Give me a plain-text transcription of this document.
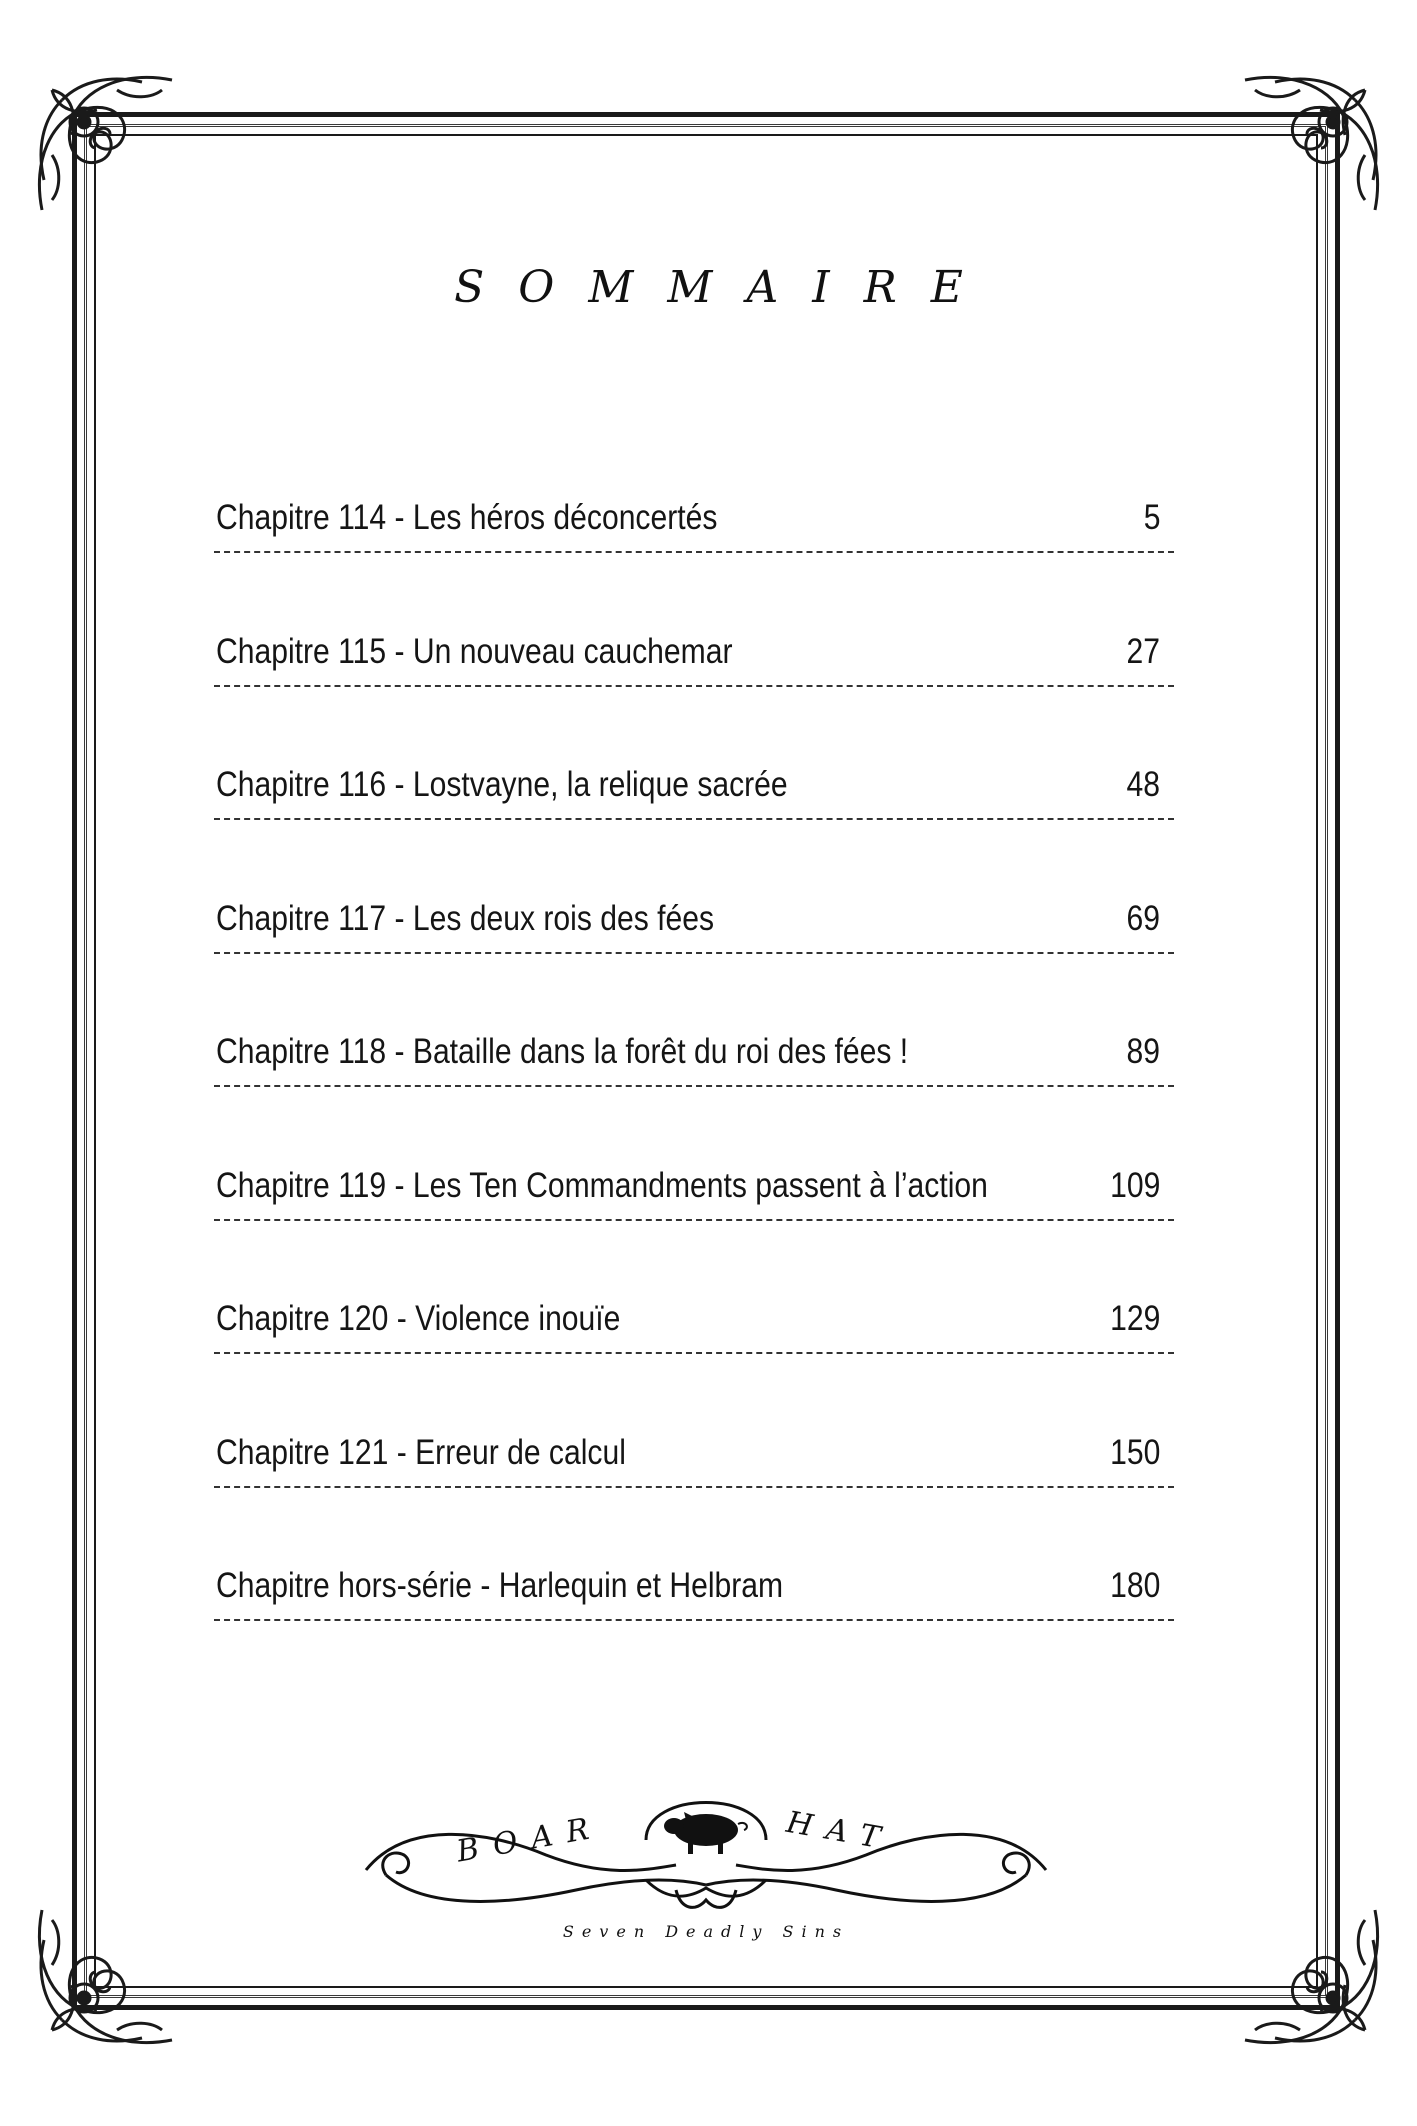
SOMMAIRE
Chapitre 114 - Les héros déconcertés	5
Chapitre 115 - Un nouveau cauchemar	27
Chapitre 116 - Lostvayne, la relique sacrée	48
Chapitre 117 - Les deux rois des fées	69
Chapitre 118 - Bataille dans la forêt du roi des fées !	89
Chapitre 119 - Les Ten Commandments passent à l’action	109
Chapitre 120 - Violence inouïe	129
Chapitre 121 - Erreur de calcul	150
Chapitre hors-série - Harlequin et Helbram	180
BOAR	HAT
Seven Deadly Sins
